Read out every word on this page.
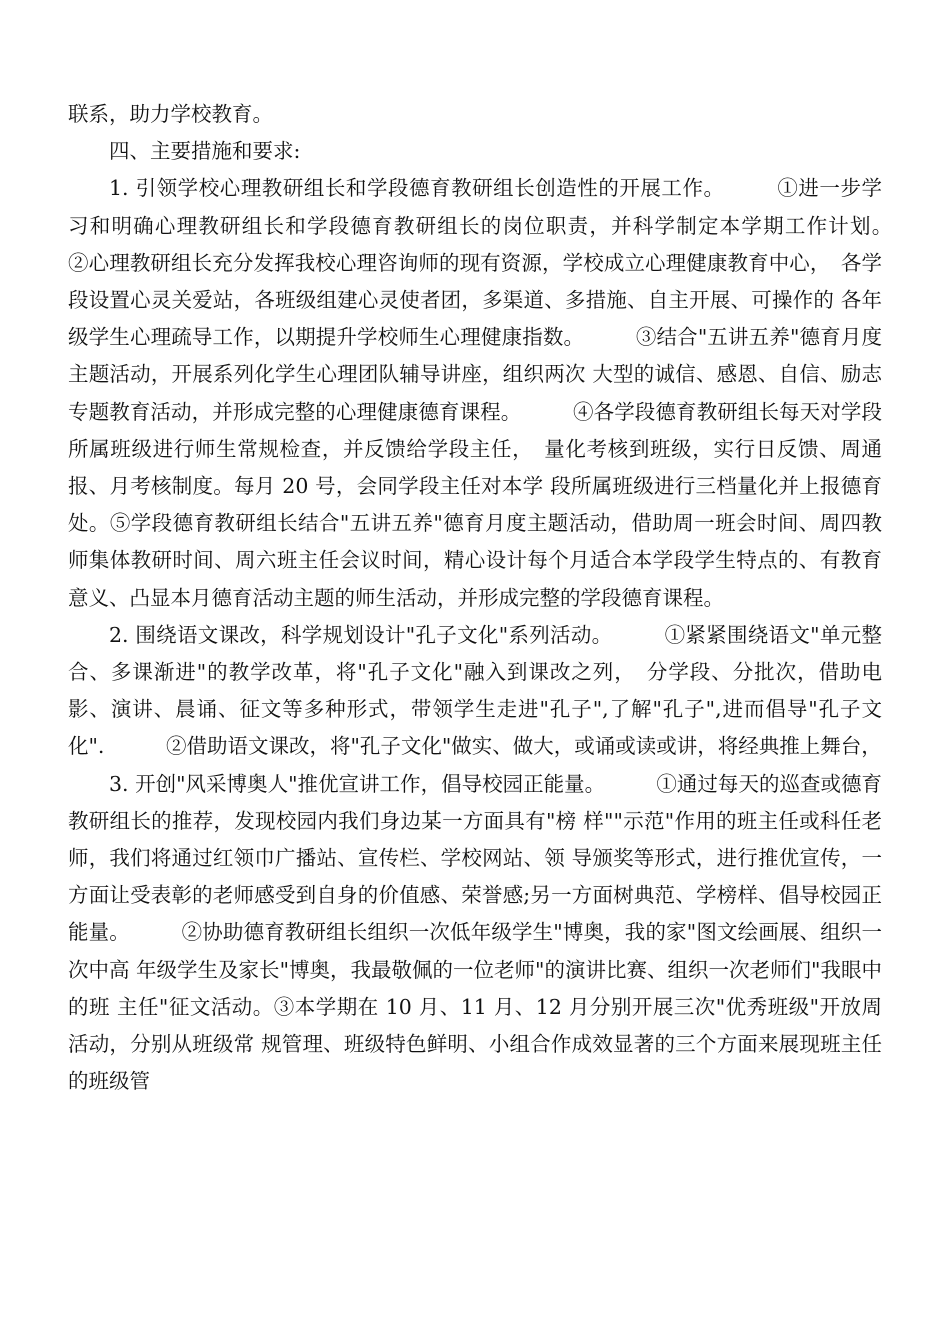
联系，助力学校教育。

四、主要措施和要求:

1. 引领学校心理教研组长和学段德育教研组长创造性的开展工作。　　　①进一步学习和明确心理教研组长和学段德育教研组长的岗位职责，并科学制定本学期工作计划。　　　②心理教研组长充分发挥我校心理咨询师的现有资源，学校成立心理健康教育中心，　各学段设置心灵关爱站，各班级组建心灵使者团，多渠道、多措施、自主开展、可操作的 各年级学生心理疏导工作，以期提升学校师生心理健康指数。　　　③结合"五讲五养"德育月度主题活动，开展系列化学生心理团队辅导讲座，组织两次 大型的诚信、感恩、自信、励志专题教育活动，并形成完整的心理健康德育课程。　　　④各学段德育教研组长每天对学段所属班级进行师生常规检查，并反馈给学段主任，　量化考核到班级，实行日反馈、周通报、月考核制度。每月 20 号，会同学段主任对本学 段所属班级进行三档量化并上报德育处。⑤学段德育教研组长结合"五讲五养"德育月度主题活动，借助周一班会时间、周四教 师集体教研时间、周六班主任会议时间，精心设计每个月适合本学段学生特点的、有教育 意义、凸显本月德育活动主题的师生活动，并形成完整的学段德育课程。

2. 围绕语文课改，科学规划设计"孔子文化"系列活动。　　　①紧紧围绕语文"单元整合、多课渐进"的教学改革，将"孔子文化"融入到课改之列，　分学段、分批次，借助电影、演讲、晨诵、征文等多种形式，带领学生走进"孔子",了解"孔子",进而倡导"孔子文化".　　　②借助语文课改，将"孔子文化"做实、做大，或诵或读或讲，将经典推上舞台，

3. 开创"风采博奥人"推优宣讲工作，倡导校园正能量。　　　①通过每天的巡查或德育教研组长的推荐，发现校园内我们身边某一方面具有"榜 样""示范"作用的班主任或科任老师，我们将通过红领巾广播站、宣传栏、学校网站、领 导颁奖等形式，进行推优宣传，一方面让受表彰的老师感受到自身的价值感、荣誉感;另一方面树典范、学榜样、倡导校园正能量。　　　②协助德育教研组长组织一次低年级学生"博奥，我的家"图文绘画展、组织一次中高 年级学生及家长"博奥，我最敬佩的一位老师"的演讲比赛、组织一次老师们"我眼中的班 主任"征文活动。③本学期在 10 月、11 月、12 月分别开展三次"优秀班级"开放周活动，分别从班级常 规管理、班级特色鲜明、小组合作成效显著的三个方面来展现班主任的班级管
